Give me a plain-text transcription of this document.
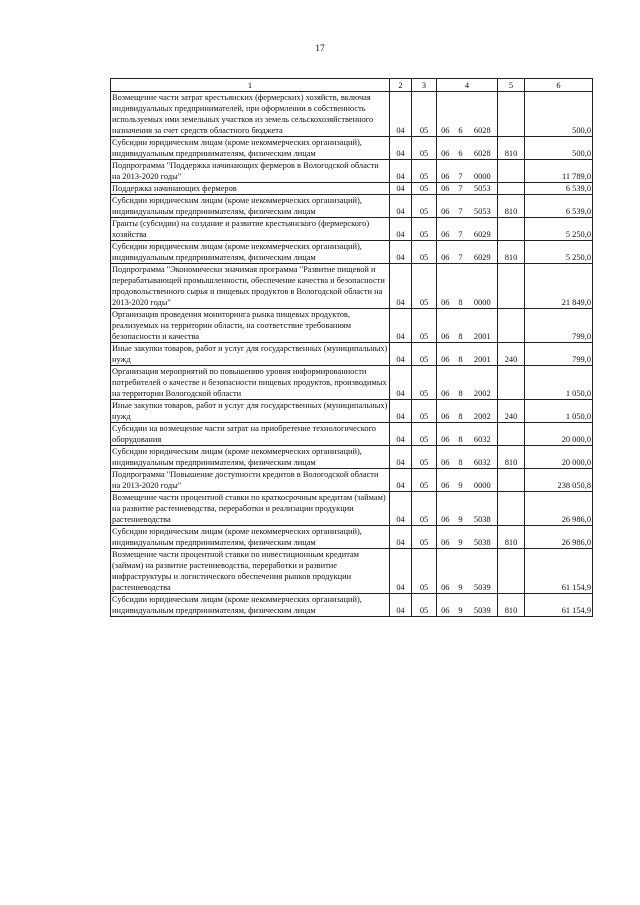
17
1	2	3	4			5	6
Возмещение части затрат крестьянских (фермерских) хозяйств, включая индивидуальных предпринимателей, при оформлении в собственность используемых ими земельных участков из земель сельскохозяйственного назначения за счет средств областного бюджета	04	05	06	6	6028		500,0
Субсидии юридическим лицам (кроме некоммерческих организаций), индивидуальным предпринимателям, физическим лицам	04	05	06	6	6028	810	500,0
Подпрограмма "Поддержка начинающих фермеров в Вологодской области на 2013-2020 годы"	04	05	06	7	0000		11 789,0
Поддержка начинающих фермеров	04	05	06	7	5053		6 539,0
Субсидии юридическим лицам (кроме некоммерческих организаций), индивидуальным предпринимателям, физическим лицам	04	05	06	7	5053	810	6 539,0
Гранты (субсидии) на создание и развитие крестьянского (фермерского) хозяйства	04	05	06	7	6029		5 250,0
Субсидии юридическим лицам (кроме некоммерческих организаций), индивидуальным предпринимателям, физическим лицам	04	05	06	7	6029	810	5 250,0
Подпрограмма "Экономически значимая программа "Развитие пищевой и перерабатывающей промышленности, обеспечение качества и безопасности продовольственного сырья и пищевых продуктов в Вологодской области на 2013-2020 годы"	04	05	06	8	0000		21 849,0
Организация проведения мониторинга рынка пищевых продуктов, реализуемых на территории области, на соответствие требованиям безопасности и качества	04	05	06	8	2001		799,0
Иные закупки товаров, работ и услуг для государственных (муниципальных) нужд	04	05	06	8	2001	240	799,0
Организация мероприятий по повышению уровня информированности потребителей о качестве и безопасности пищевых продуктов, производимых на территории Вологодской области	04	05	06	8	2002		1 050,0
Иные закупки товаров, работ и услуг для государственных (муниципальных) нужд	04	05	06	8	2002	240	1 050,0
Субсидии на возмещение части затрат на приобретение технологического оборудования	04	05	06	8	6032		20 000,0
Субсидии юридическим лицам (кроме некоммерческих организаций), индивидуальным предпринимателям, физическим лицам	04	05	06	8	6032	810	20 000,0
Подпрограмма "Повышение доступности кредитов в Вологодской области на 2013-2020 годы"	04	05	06	9	0000		238 050,8
Возмещение части процентной ставки по краткосрочным кредитам (займам) на развитие растениеводства, переработки и реализации продукции растениеводства	04	05	06	9	5038		26 986,0
Субсидии юридическим лицам (кроме некоммерческих организаций), индивидуальным предпринимателям, физическим лицам	04	05	06	9	5038	810	26 986,0
Возмещение части процентной ставки по инвестиционным кредитам (займам) на развитие растениеводства, переработки и развитие инфраструктуры и логистического обеспечения рынков продукции растениеводства	04	05	06	9	5039		61 154,9
Субсидии юридическим лицам (кроме некоммерческих организаций), индивидуальным предпринимателям, физическим лицам	04	05	06	9	5039	810	61 154,9
